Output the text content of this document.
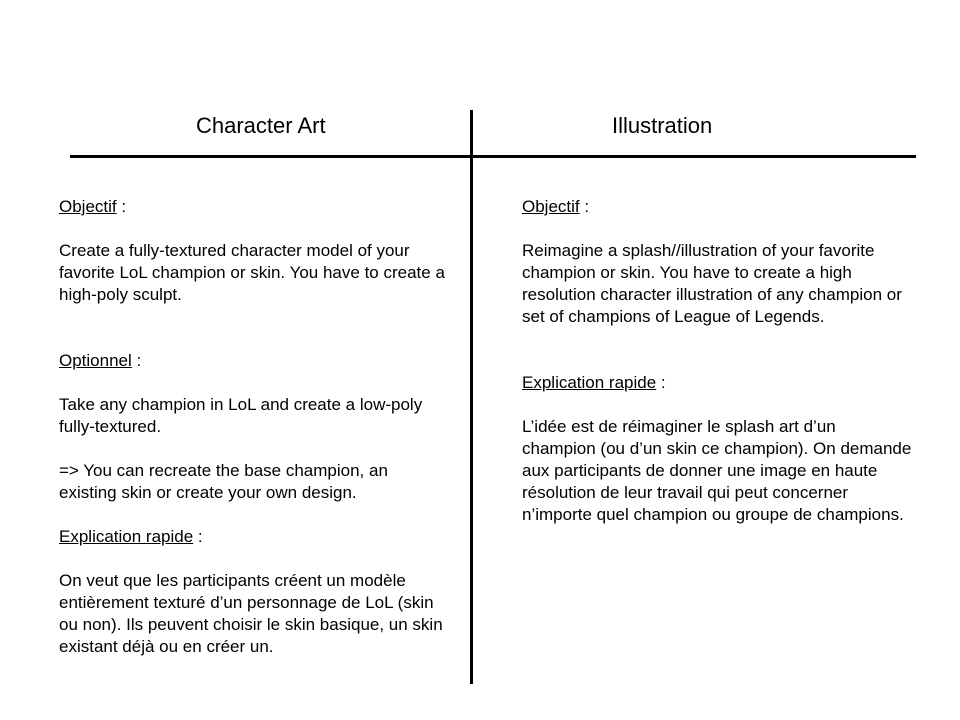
Character Art	Illustration

Objectif :

Create a fully-textured character model of your favorite LoL champion or skin. You have to create a high-poly sculpt.

Optionnel :

Take any champion in LoL and create a low-poly fully-textured.

=> You can recreate the base champion, an existing skin or create your own design.

Explication rapide :

On veut que les participants créent un modèle entièrement texturé d’un personnage de LoL (skin ou non). Ils peuvent choisir le skin basique, un skin existant déjà ou en créer un.

Objectif :

Reimagine a splash//illustration of your favorite champion or skin. You have to create a high resolution character illustration of any champion or set of champions of League of Legends.

Explication rapide :

L’idée est de réimaginer le splash art d’un champion (ou d’un skin ce champion). On demande aux participants de donner une image en haute résolution de leur travail qui peut concerner n’importe quel champion ou groupe de champions.
